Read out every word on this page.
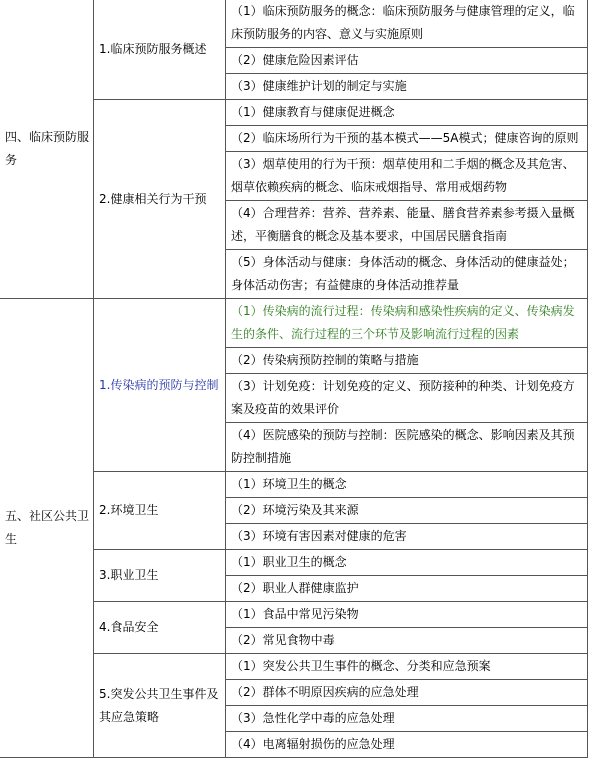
四、临床预防服务	1.临床预防服务概述	（1）临床预防服务的概念：临床预防服务与健康管理的定义，临床预防服务的内容、意义与实施原则
		（2）健康危险因素评估
		（3）健康维护计划的制定与实施
	2.健康相关行为干预	（1）健康教育与健康促进概念
		（2）临床场所行为干预的基本模式——5A模式；健康咨询的原则
		（3）烟草使用的行为干预：烟草使用和二手烟的概念及其危害、烟草依赖疾病的概念、临床戒烟指导、常用戒烟药物
		（4）合理营养：营养、营养素、能量、膳食营养素参考摄入量概述，平衡膳食的概念及基本要求，中国居民膳食指南
		（5）身体活动与健康：身体活动的概念、身体活动的健康益处；身体活动伤害；有益健康的身体活动推荐量
五、社区公共卫生	1.传染病的预防与控制	（1）传染病的流行过程：传染病和感染性疾病的定义、传染病发生的条件、流行过程的三个环节及影响流行过程的因素
		（2）传染病预防控制的策略与措施
		（3）计划免疫：计划免疫的定义、预防接种的种类、计划免疫方案及疫苗的效果评价
		（4）医院感染的预防与控制：医院感染的概念、影响因素及其预防控制措施
	2.环境卫生	（1）环境卫生的概念
		（2）环境污染及其来源
		（3）环境有害因素对健康的危害
	3.职业卫生	（1）职业卫生的概念
		（2）职业人群健康监护
	4.食品安全	（1）食品中常见污染物
		（2）常见食物中毒
	5.突发公共卫生事件及其应急策略	（1）突发公共卫生事件的概念、分类和应急预案
		（2）群体不明原因疾病的应急处理
		（3）急性化学中毒的应急处理
		（4）电离辐射损伤的应急处理
